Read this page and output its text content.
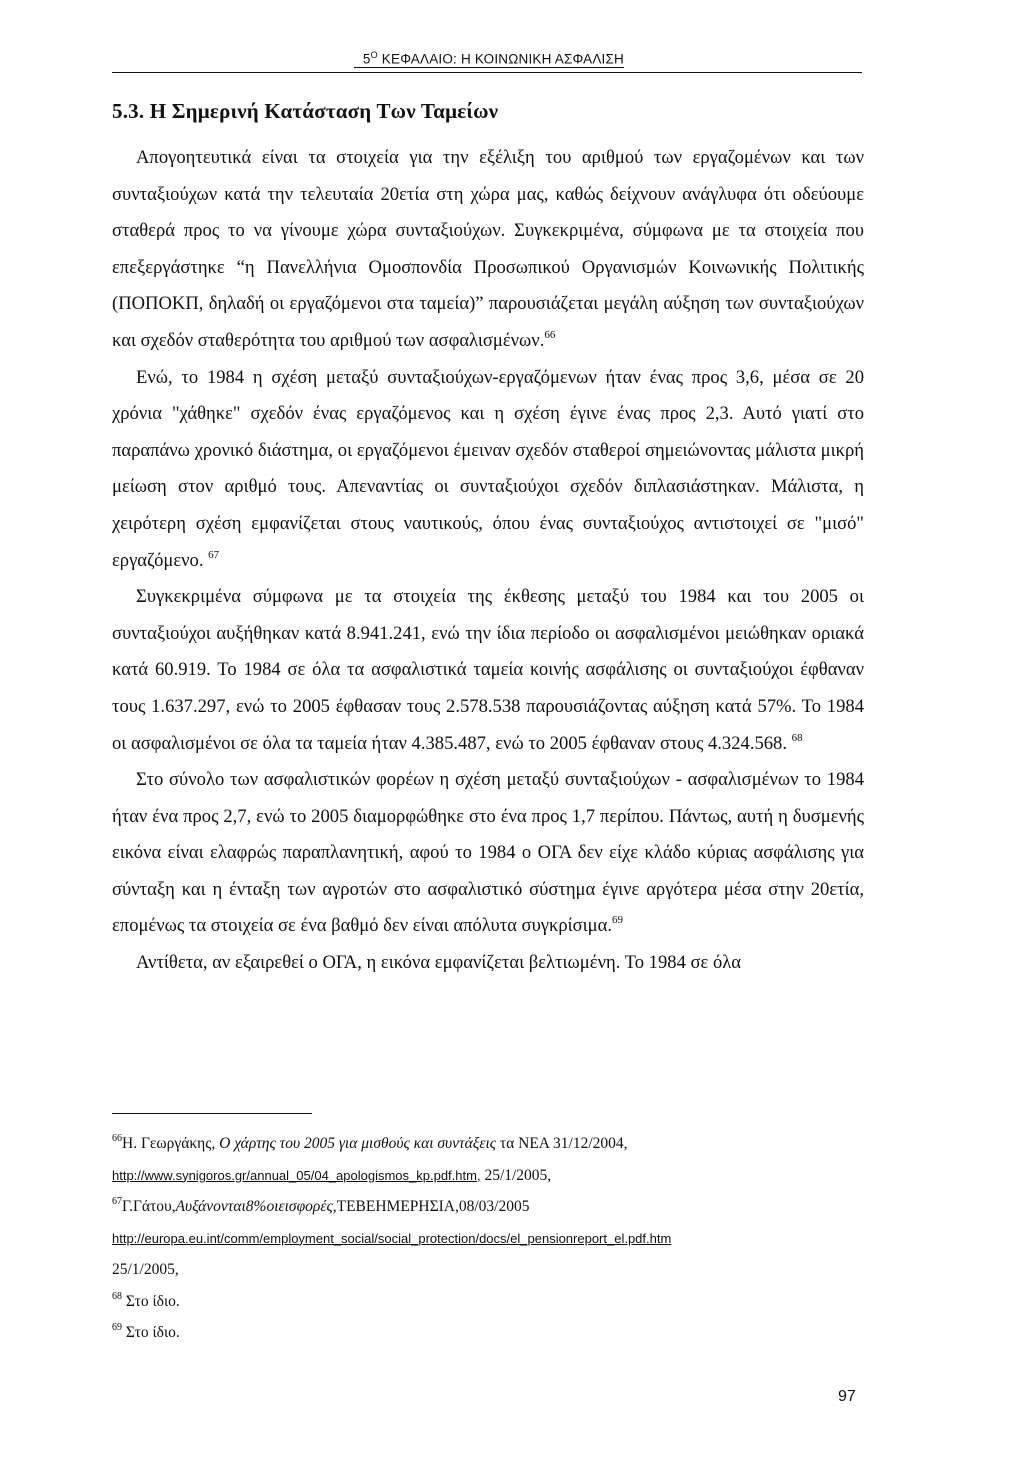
$5^O$ ΚΕΦΑΛΑΙΟ: Η ΚΟΙΝΩΝΙΚΗ ΑΣΦΑΛΙΣΗ
5.3. Η Σημερινή Κατάσταση Των Ταμείων

Απογοητευτικά είναι τα στοιχεία για την εξέλιξη του αριθμού των εργαζομένων και των συνταξιούχων κατά την τελευταία 20ετία στη χώρα μας, καθώς δείχνουν ανάγλυφα ότι οδεύουμε σταθερά προς το να γίνουμε χώρα συνταξιούχων. Συγκεκριμένα, σύμφωνα με τα στοιχεία που επεξεργάστηκε “η Πανελλήνια Ομοσπονδία Προσωπικού Οργανισμών Κοινωνικής Πολιτικής (ΠΟΠΟΚΠ, δηλαδή οι εργαζόμενοι στα ταμεία)” παρουσιάζεται μεγάλη αύξηση των συνταξιούχων και σχεδόν σταθερότητα του αριθμού των ασφαλισμένων.$^{66}$

Ενώ, το 1984 η σχέση μεταξύ συνταξιούχων-εργαζόμενων ήταν ένας προς 3,6, μέσα σε 20 χρόνια "χάθηκε" σχεδόν ένας εργαζόμενος και η σχέση έγινε ένας προς 2,3. Αυτό γιατί στο παραπάνω χρονικό διάστημα, οι εργαζόμενοι έμειναν σχεδόν σταθεροί σημειώνοντας μάλιστα μικρή μείωση στον αριθμό τους. Απεναντίας οι συνταξιούχοι σχεδόν διπλασιάστηκαν. Μάλιστα, η χειρότερη σχέση εμφανίζεται στους ναυτικούς, όπου ένας συνταξιούχος αντιστοιχεί σε "μισό" εργαζόμενο. $^{67}$

Συγκεκριμένα σύμφωνα με τα στοιχεία της έκθεσης μεταξύ του 1984 και του 2005 οι συνταξιούχοι αυξήθηκαν κατά 8.941.241, ενώ την ίδια περίοδο οι ασφαλισμένοι μειώθηκαν οριακά κατά 60.919. Το 1984 σε όλα τα ασφαλιστικά ταμεία κοινής ασφάλισης οι συνταξιούχοι έφθαναν τους 1.637.297, ενώ το 2005 έφθασαν τους 2.578.538 παρουσιάζοντας αύξηση κατά 57%. Το 1984 οι ασφαλισμένοι σε όλα τα ταμεία ήταν 4.385.487, ενώ το 2005 έφθαναν στους 4.324.568. $^{68}$

Στο σύνολο των ασφαλιστικών φορέων η σχέση μεταξύ συνταξιούχων - ασφαλισμένων το 1984 ήταν ένα προς 2,7, ενώ το 2005 διαμορφώθηκε στο ένα προς 1,7 περίπου. Πάντως, αυτή η δυσμενής εικόνα είναι ελαφρώς παραπλανητική, αφού το 1984 ο ΟΓΑ δεν είχε κλάδο κύριας ασφάλισης για σύνταξη και η ένταξη των αγροτών στο ασφαλιστικό σύστημα έγινε αργότερα μέσα στην 20ετία, επομένως τα στοιχεία σε ένα βαθμό δεν είναι απόλυτα συγκρίσιμα.$^{69}$

Αντίθετα, αν εξαιρεθεί ο ΟΓΑ, η εικόνα εμφανίζεται βελτιωμένη. Το 1984 σε όλα

$^{66}$Η. Γεωργάκης, Ο χάρτης του 2005 για μισθούς και συντάξεις τα ΝΕΑ 31/12/2004,
http://www.synigoros.gr/annual_05/04_apologismos_kp.pdf.htm, 25/1/2005,

$^{67}$Γ.Γάτου,Αυξάνονται8%οιεισφορές,ΤΕΒΕΗΜΕΡΗΣΙΑ,08/03/2005
http://europa.eu.int/comm/employment_social/social_protection/docs/el_pensionreport_el.pdf.htm
25/1/2005,

$^{68}$ Στο ίδιο.

$^{69}$ Στο ίδιο.

97
